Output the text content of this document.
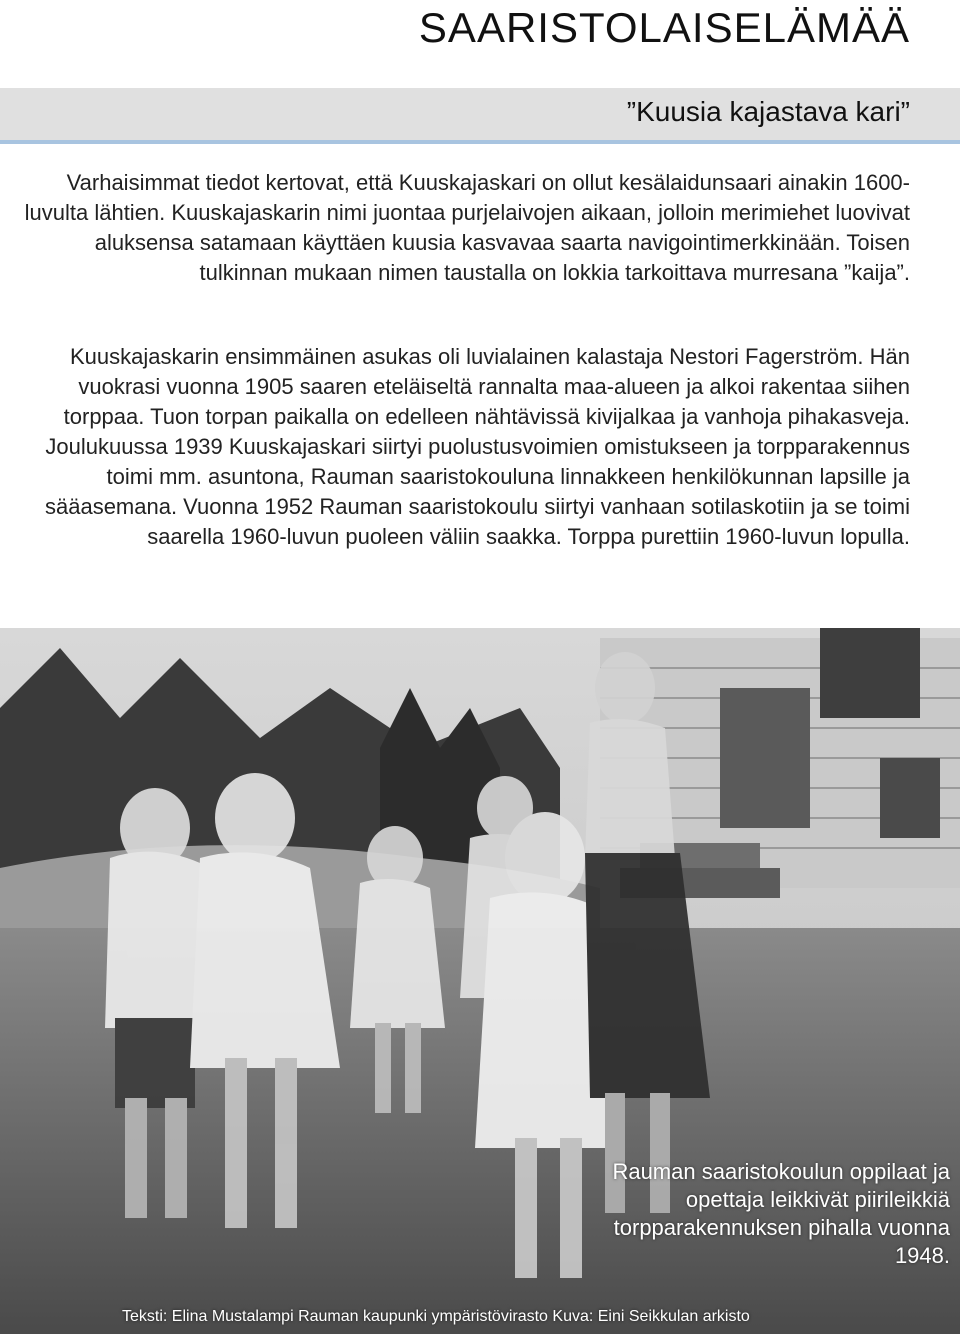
SAARISTOLAISELÄMÄÄ
”Kuusia kajastava kari”

Varhaisimmat tiedot kertovat, että Kuuskajaskari on ollut kesälaidunsaari ainakin 1600-luvulta lähtien. Kuuskajaskarin nimi juontaa purjelaivojen aikaan, jolloin merimiehet luovivat aluksensa satamaan käyttäen kuusia kasvavaa saarta navigointimerkkinään. Toisen tulkinnan mukaan nimen taustalla on lokkia tarkoittava murresana ”kaija”.

Kuuskajaskarin ensimmäinen asukas oli luvialainen kalastaja Nestori Fagerström. Hän vuokrasi vuonna 1905 saaren eteläiseltä rannalta maa-alueen ja alkoi rakentaa siihen torppaa. Tuon torpan paikalla on edelleen nähtävissä kivijalkaa ja vanhoja pihakasveja. Joulukuussa 1939 Kuuskajaskari siirtyi puolustusvoimien omistukseen ja torpparakennus toimi mm. asuntona, Rauman saaristokouluna linnakkeen henkilökunnan lapsille ja sääasemana. Vuonna 1952 Rauman saaristokoulu siirtyi vanhaan sotilaskotiin ja se toimi saarella 1960-luvun puoleen väliin saakka. Torppa purettiin 1960-luvun lopulla.

Rauman saaristokoulun oppilaat ja opettaja leikkivät piirileikkiä torpparakennuksen pihalla vuonna 1948.
Tekstі: Elina Mustalampi Rauman kaupunki ympäristövirasto Kuva: Eini Seikkulan arkisto
